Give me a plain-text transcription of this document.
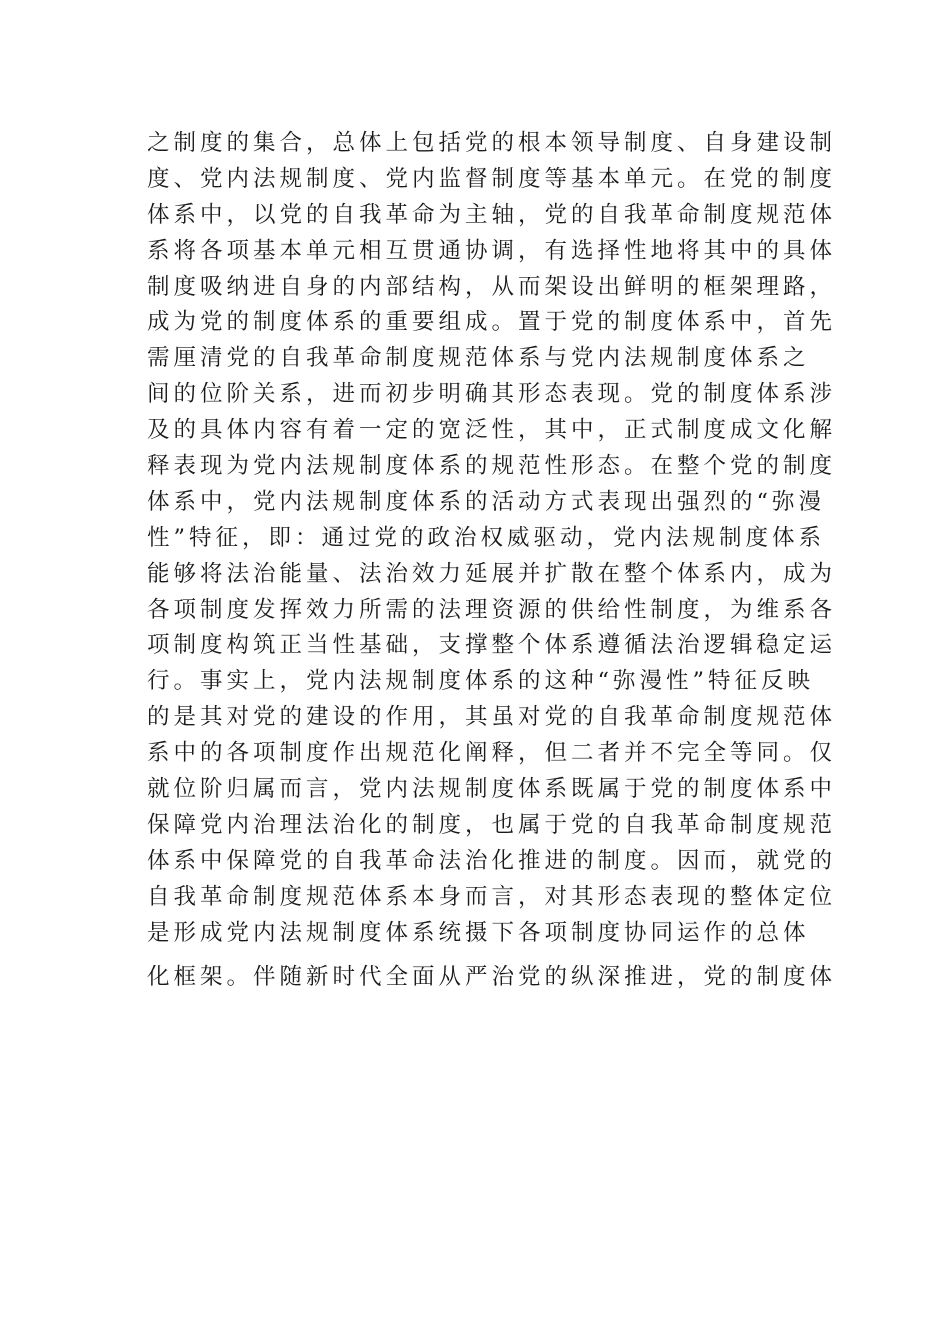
之制度的集合，总体上包括党的根本领导制度、自身建设制
度、党内法规制度、党内监督制度等基本单元。在党的制度
体系中，以党的自我革命为主轴，党的自我革命制度规范体
系将各项基本单元相互贯通协调，有选择性地将其中的具体
制度吸纳进自身的内部结构，从而架设出鲜明的框架理路，
成为党的制度体系的重要组成。置于党的制度体系中，首先
需厘清党的自我革命制度规范体系与党内法规制度体系之
间的位阶关系，进而初步明确其形态表现。党的制度体系涉
及的具体内容有着一定的宽泛性，其中，正式制度成文化解
释表现为党内法规制度体系的规范性形态。在整个党的制度
体系中，党内法规制度体系的活动方式表现出强烈的“弥漫
性”特征，即：通过党的政治权威驱动，党内法规制度体系
能够将法治能量、法治效力延展并扩散在整个体系内，成为
各项制度发挥效力所需的法理资源的供给性制度，为维系各
项制度构筑正当性基础，支撑整个体系遵循法治逻辑稳定运
行。事实上，党内法规制度体系的这种“弥漫性”特征反映
的是其对党的建设的作用，其虽对党的自我革命制度规范体
系中的各项制度作出规范化阐释，但二者并不完全等同。仅
就位阶归属而言，党内法规制度体系既属于党的制度体系中
保障党内治理法治化的制度，也属于党的自我革命制度规范
体系中保障党的自我革命法治化推进的制度。因而，就党的
自我革命制度规范体系本身而言，对其形态表现的整体定位
是形成党内法规制度体系统摄下各项制度协同运作的总体
化框架。伴随新时代全面从严治党的纵深推进，党的制度体
